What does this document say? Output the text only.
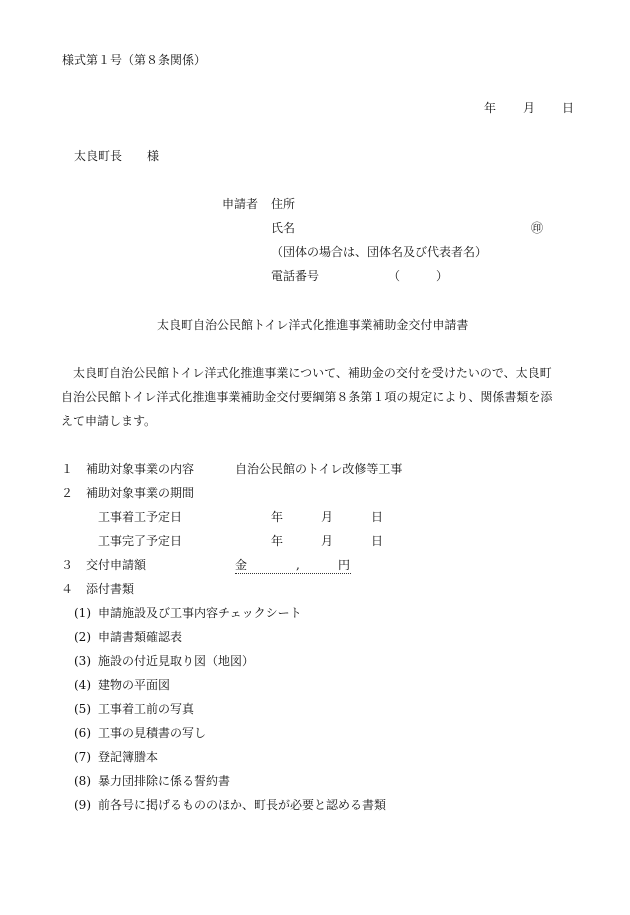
様式第１号（第８条関係）
年 月 日
太良町長 様
申請者 住所
氏名	㊞
（団体の場合は、団体名及び代表者名）
電話番号	（　　　）
太良町自治公民館トイレ洋式化推進事業補助金交付申請書
太良町自治公民館トイレ洋式化推進事業について、補助金の交付を受けたいので、太良町
自治公民館トイレ洋式化推進事業補助金交付要綱第８条第１項の規定により、関係書類を添
えて申請します。
１ 補助対象事業の内容	自治公民館のトイレ改修等工事
２ 補助対象事業の期間
工事着工予定日	年	月	日
工事完了予定日	年	月	日
３ 交付申請額	金	,	円
４ 添付書類
(1) 申請施設及び工事内容チェックシート
(2) 申請書類確認表
(3) 施設の付近見取り図（地図）
(4) 建物の平面図
(5) 工事着工前の写真
(6) 工事の見積書の写し
(7) 登記簿謄本
(8) 暴力団排除に係る誓約書
(9) 前各号に掲げるもののほか、町長が必要と認める書類
